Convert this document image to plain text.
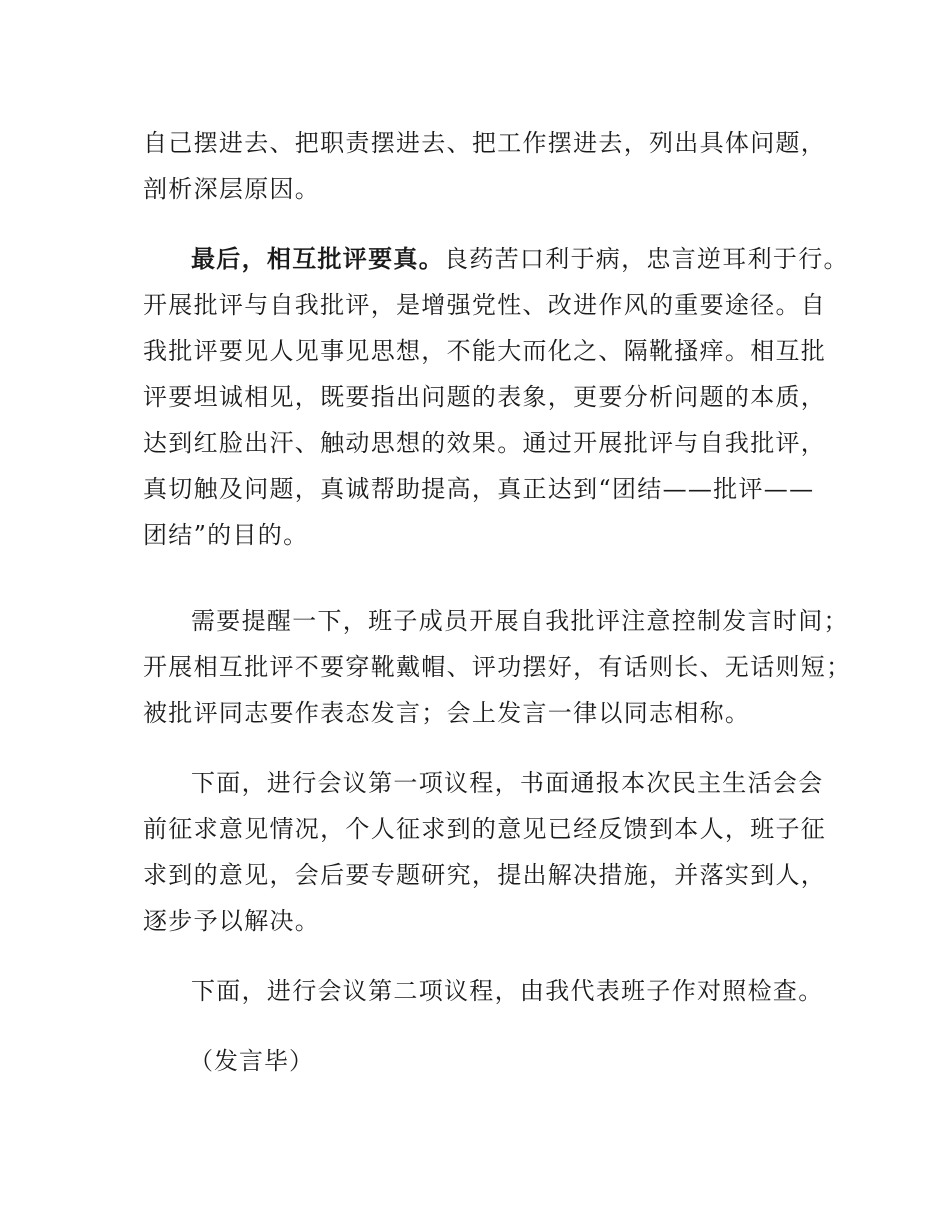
自己摆进去、把职责摆进去、把工作摆进去，列出具体问题，
剖析深层原因。
最后，相互批评要真。良药苦口利于病，忠言逆耳利于行。
开展批评与自我批评，是增强党性、改进作风的重要途径。自
我批评要见人见事见思想，不能大而化之、隔靴搔痒。相互批
评要坦诚相见，既要指出问题的表象，更要分析问题的本质，
达到红脸出汗、触动思想的效果。通过开展批评与自我批评，
真切触及问题，真诚帮助提高，真正达到“团结——批评——
团结”的目的。
需要提醒一下，班子成员开展自我批评注意控制发言时间；
开展相互批评不要穿靴戴帽、评功摆好，有话则长、无话则短；
被批评同志要作表态发言；会上发言一律以同志相称。
下面，进行会议第一项议程，书面通报本次民主生活会会
前征求意见情况，个人征求到的意见已经反馈到本人，班子征
求到的意见，会后要专题研究，提出解决措施，并落实到人，
逐步予以解决。
下面，进行会议第二项议程，由我代表班子作对照检查。
（发言毕）
